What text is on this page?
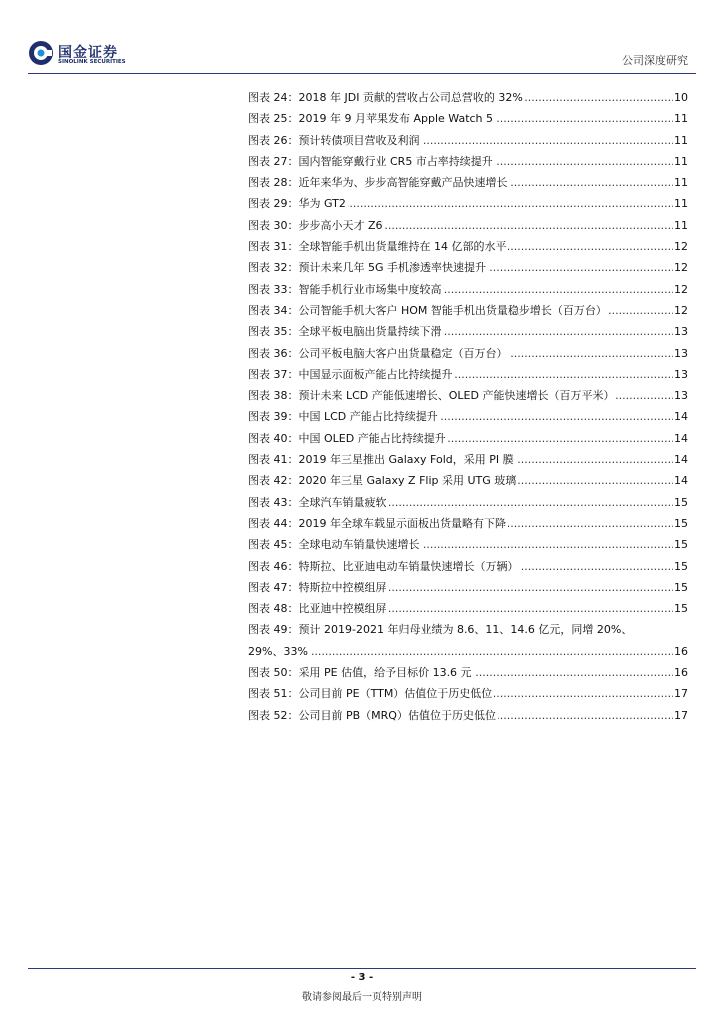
国金证券
SINOLINK SECURITIES	公司深度研究
.....
图表 24：2018 年 JDI 贡献的营收占公司总营收的 32%	10
.....
图表 25：2019 年 9 月苹果发布 Apple Watch 5	11
.....
图表 26：预计转债项目营收及利润	11
.....
图表 27：国内智能穿戴行业 CR5 市占率持续提升	11
.....
图表 28：近年来华为、步步高智能穿戴产品快速增长	11
.....
图表 29：华为 GT2	11
.....
图表 30：步步高小天才 Z6	11
.....
图表 31：全球智能手机出货量维持在 14 亿部的水平	12
.....
图表 32：预计未来几年 5G 手机渗透率快速提升	12
.....
图表 33：智能手机行业市场集中度较高	12
.....
图表 34：公司智能手机大客户 HOM 智能手机出货量稳步增长（百万台）	12
.....
图表 35：全球平板电脑出货量持续下滑	13
.....
图表 36：公司平板电脑大客户出货量稳定（百万台）	13
.....
图表 37：中国显示面板产能占比持续提升	13
.....
图表 38：预计未来 LCD 产能低速增长、OLED 产能快速增长（百万平米）	13
.....
图表 39：中国 LCD 产能占比持续提升	14
.....
图表 40：中国 OLED 产能占比持续提升	14
.....
图表 41：2019 年三星推出 Galaxy Fold，采用 PI 膜	14
.....
图表 42：2020 年三星 Galaxy Z Flip 采用 UTG 玻璃	14
.....
图表 43：全球汽车销量疲软	15
.....
图表 44：2019 年全球车载显示面板出货量略有下降	15
.....
图表 45：全球电动车销量快速增长	15
.....
图表 46：特斯拉、比亚迪电动车销量快速增长（万辆）	15
.....
图表 47：特斯拉中控模组屏	15
.....
图表 48：比亚迪中控模组屏	15
图表 49：预计 2019-2021 年归母业绩为 8.6、11、14.6 亿元，同增 20%、
.....
29%、33%	16
.....
图表 50：采用 PE 估值，给予目标价 13.6 元	16
.....
图表 51：公司目前 PE（TTM）估值位于历史低位	17
.....
图表 52：公司目前 PB（MRQ）估值位于历史低位	17
- 3 -
敬请参阅最后一页特别声明
